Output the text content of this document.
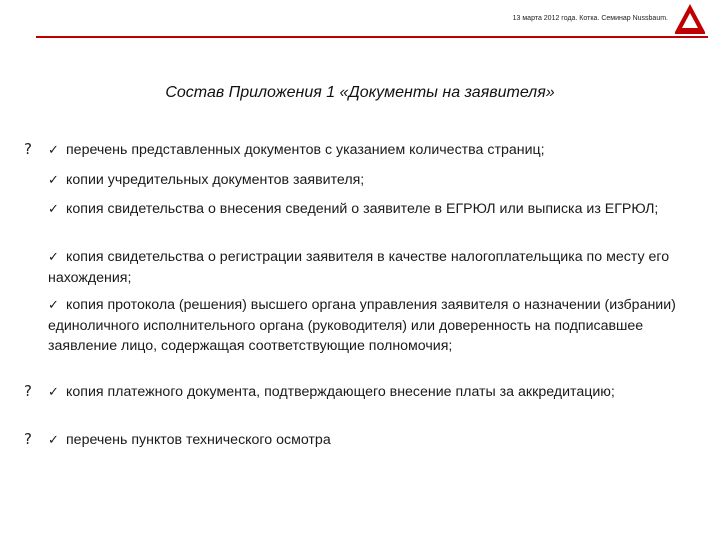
13 марта 2012 года. Котка. Семинар Nussbaum.
Состав Приложения 1 «Документы на заявителя»
?	✓ перечень представленных документов с указанием количества страниц;
✓ копии учредительных документов заявителя;
✓ копия свидетельства о внесения сведений о заявителе в ЕГРЮЛ или выписка из ЕГРЮЛ;
✓ копия свидетельства о регистрации заявителя в качестве налогоплательщика по месту его нахождения;
✓ копия протокола (решения) высшего органа управления заявителя о назначении (избрании) единоличного исполнительного органа (руководителя) или доверенность на подписавшее заявление лицо, содержащая соответствующие полномочия;
?	✓ копия платежного документа, подтверждающего внесение платы за аккредитацию;
?	✓ перечень пунктов технического осмотра
